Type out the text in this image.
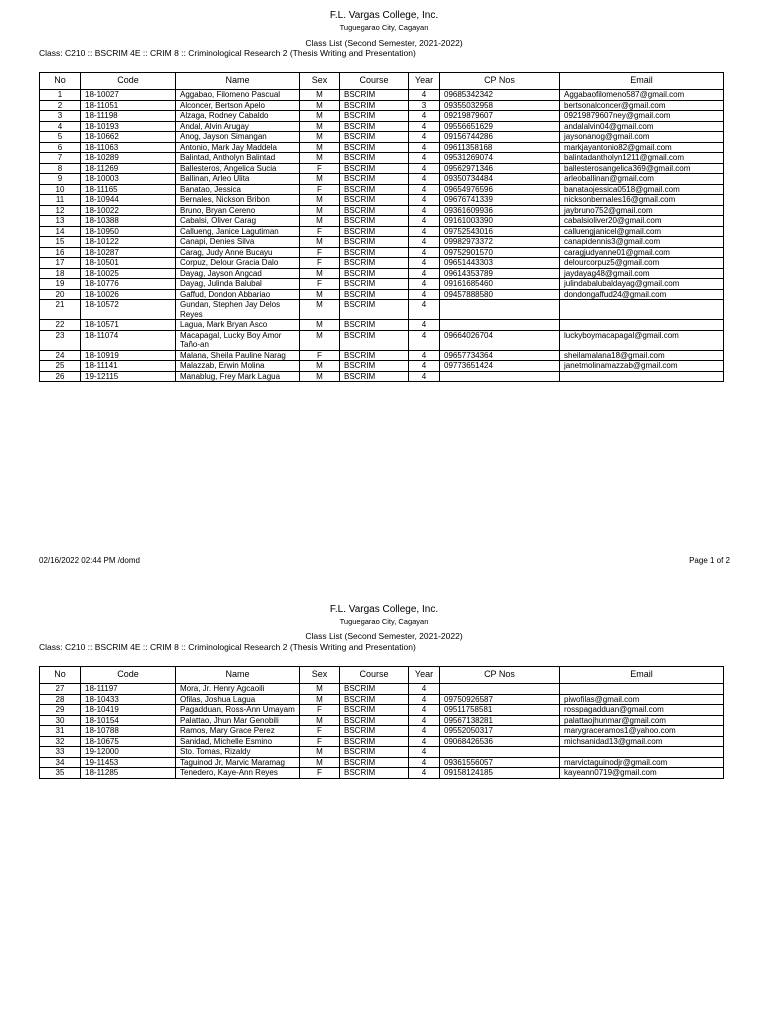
F.L. Vargas College, Inc.
Tuguegarao City, Cagayan
Class List (Second Semester, 2021-2022)
Class: C210 :: BSCRIM 4E :: CRIM 8 :: Criminological Research 2 (Thesis Writing and Presentation)
No	Code	Name	Sex	Course	Year	CP Nos	Email
1	18-10027	Aggabao, Filomeno Pascual	M	BSCRIM	4	09685342342	Aggabaofilomeno587@gmail.com
2	18-11051	Alconcer, Bertson Apelo	M	BSCRIM	3	09355032958	bertsonalconcer@gmail.com
3	18-11198	Alzaga, Rodney Cabaldo	M	BSCRIM	4	09219879607	09219879607ney@gmail.com
4	18-10193	Andal, Alvin Arugay	M	BSCRIM	4	09556651629	andalalvin04@gmail.com
5	18-10662	Anog, Jayson Simangan	M	BSCRIM	4	09156744286	jaysonanog@gmail.com
6	18-11063	Antonio, Mark Jay Maddela	M	BSCRIM	4	09611358168	markjayantonio82@gmail.com
7	18-10289	Balintad, Antholyn Balintad	M	BSCRIM	4	09531269074	balintadantholyn1211@gmail.com
8	18-11269	Ballesteros, Angelica Sucia	F	BSCRIM	4	09562971346	ballesterosangelica369@gmail.com
9	18-10003	Ballinan, Arleo Ulita	M	BSCRIM	4	09350734484	arleoballinan@gmail.com
10	18-11165	Banatao, Jessica	F	BSCRIM	4	09654976596	banataojessica0518@gmail.com
11	18-10944	Bernales, Nickson Bribon	M	BSCRIM	4	09676741339	nicksonbernales16@gmail.com
12	18-10022	Bruno, Bryan Cereno	M	BSCRIM	4	09361609936	jaybruno752@gmail.com
13	18-10388	Cabalsi, Oliver Carag	M	BSCRIM	4	09161003390	cabalsioliver20@gmail.com
14	18-10950	Callueng, Janice Lagutiman	F	BSCRIM	4	09752543016	calluengjanicel@gmail.com
15	18-10122	Canapi, Denies Silva	M	BSCRIM	4	09982973372	canapidennis3@gmail.com
16	18-10287	Carag, Judy Anne Bucayu	F	BSCRIM	4	09752901570	caragjudyanne01@gmail.com
17	18-10501	Corpuz, Delour Gracia Dalo	F	BSCRIM	4	09651443303	delourcorpuz5@gmail.com
18	18-10025	Dayag, Jayson Angcad	M	BSCRIM	4	09614353789	jaydayag48@gmail.com
19	18-10776	Dayag, Julinda Balubal	F	BSCRIM	4	09161685460	julindabalubaldayag@gmail.com
20	18-10026	Gaffud, Dondon Abbariao	M	BSCRIM	4	09457888580	dondongaffud24@gmail.com
21	18-10572	Gundan, Stephen Jay Delos Reyes	M	BSCRIM	4		
22	18-10571	Lagua, Mark Bryan Asco	M	BSCRIM	4		
23	18-11074	Macapagal, Lucky Boy Amor Taño-an	M	BSCRIM	4	09664026704	luckyboymacapagal@gmail.com
24	18-10919	Malana, Sheila Pauline Narag	F	BSCRIM	4	09657734364	sheilamalana18@gmail.com
25	18-11141	Malazzab, Erwin Molina	M	BSCRIM	4	09773651424	janetmolinamazzab@gmail.com
26	19-12115	Manablug, Frey Mark Lagua	M	BSCRIM	4		
02/16/2022 02:44 PM /domd	Page 1 of 2
F.L. Vargas College, Inc.
Tuguegarao City, Cagayan
Class List (Second Semester, 2021-2022)
Class: C210 :: BSCRIM 4E :: CRIM 8 :: Criminological Research 2 (Thesis Writing and Presentation)
No	Code	Name	Sex	Course	Year	CP Nos	Email
27	18-11197	Mora, Jr. Henry Agcaoili	M	BSCRIM	4		
28	18-10433	Ofilas, Joshua Lagua	M	BSCRIM	4	09750926587	piwofilas@gmail.com
29	18-10419	Pagadduan, Ross-Ann Umayam	F	BSCRIM	4	09511758581	rosspagadduan@gmail.com
30	18-10154	Palattao, Jhun Mar Genobili	M	BSCRIM	4	09567138281	palattaojhunmar@gmail.com
31	18-10788	Ramos, Mary Grace Perez	F	BSCRIM	4	09552050317	marygraceramos1@yahoo.com
32	18-10675	Sanidad, Michelle Esmino	F	BSCRIM	4	09068426536	michsanidad13@gmail.com
33	19-12000	Sto. Tomas, Rizaldy	M	BSCRIM	4		
34	19-11453	Taguinod Jr, Marvic Maramag	M	BSCRIM	4	09361556057	marvictaguinodjr@gmail.com
35	18-11285	Tenedero, Kaye-Ann Reyes	F	BSCRIM	4	09158124185	kayeann0719@gmail.com
